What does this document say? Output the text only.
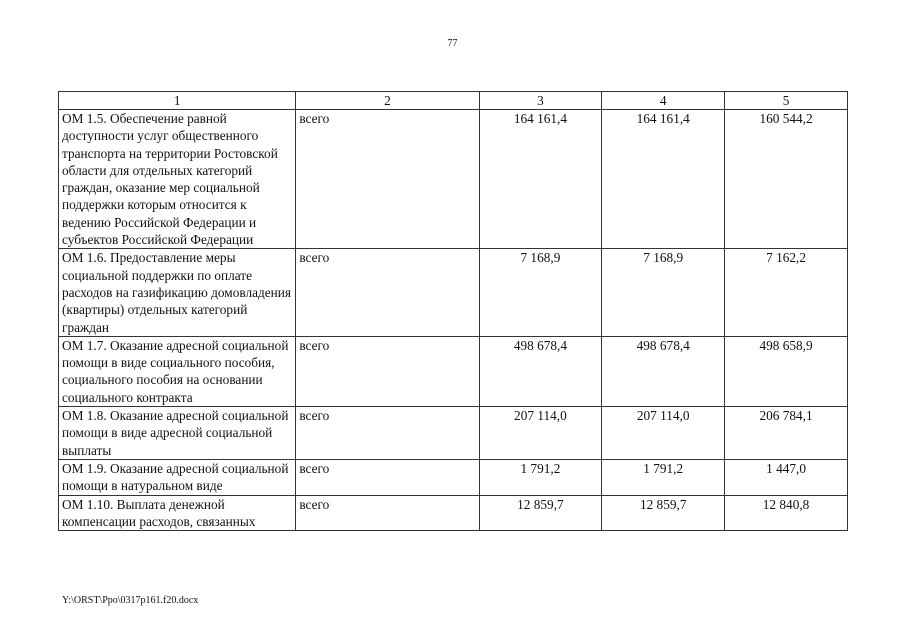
77
1	2	3	4	5
ОМ 1.5. Обеспечение равной доступности услуг общественного транспорта на территории Ростовской области для отдельных категорий граждан, оказание мер социальной поддержки которым относится к ведению Российской Федерации и субъектов Российской Федерации	всего	164 161,4	164 161,4	160 544,2
ОМ 1.6. Предоставление меры социальной поддержки по оплате расходов на газификацию домовладения (квартиры) отдельных категорий граждан	всего	7 168,9	7 168,9	7 162,2
ОМ 1.7. Оказание адресной социальной помощи в виде социального пособия, социального пособия на основании социального контракта	всего	498 678,4	498 678,4	498 658,9
ОМ 1.8. Оказание адресной социальной помощи в виде адресной социальной выплаты	всего	207 114,0	207 114,0	206 784,1
ОМ 1.9. Оказание адресной социальной помощи в натуральном виде	всего	1 791,2	1 791,2	1 447,0
ОМ 1.10. Выплата денежной компенсации расходов, связанных	всего	12 859,7	12 859,7	12 840,8
Y:\ORST\Ppo\0317p161.f20.docx
